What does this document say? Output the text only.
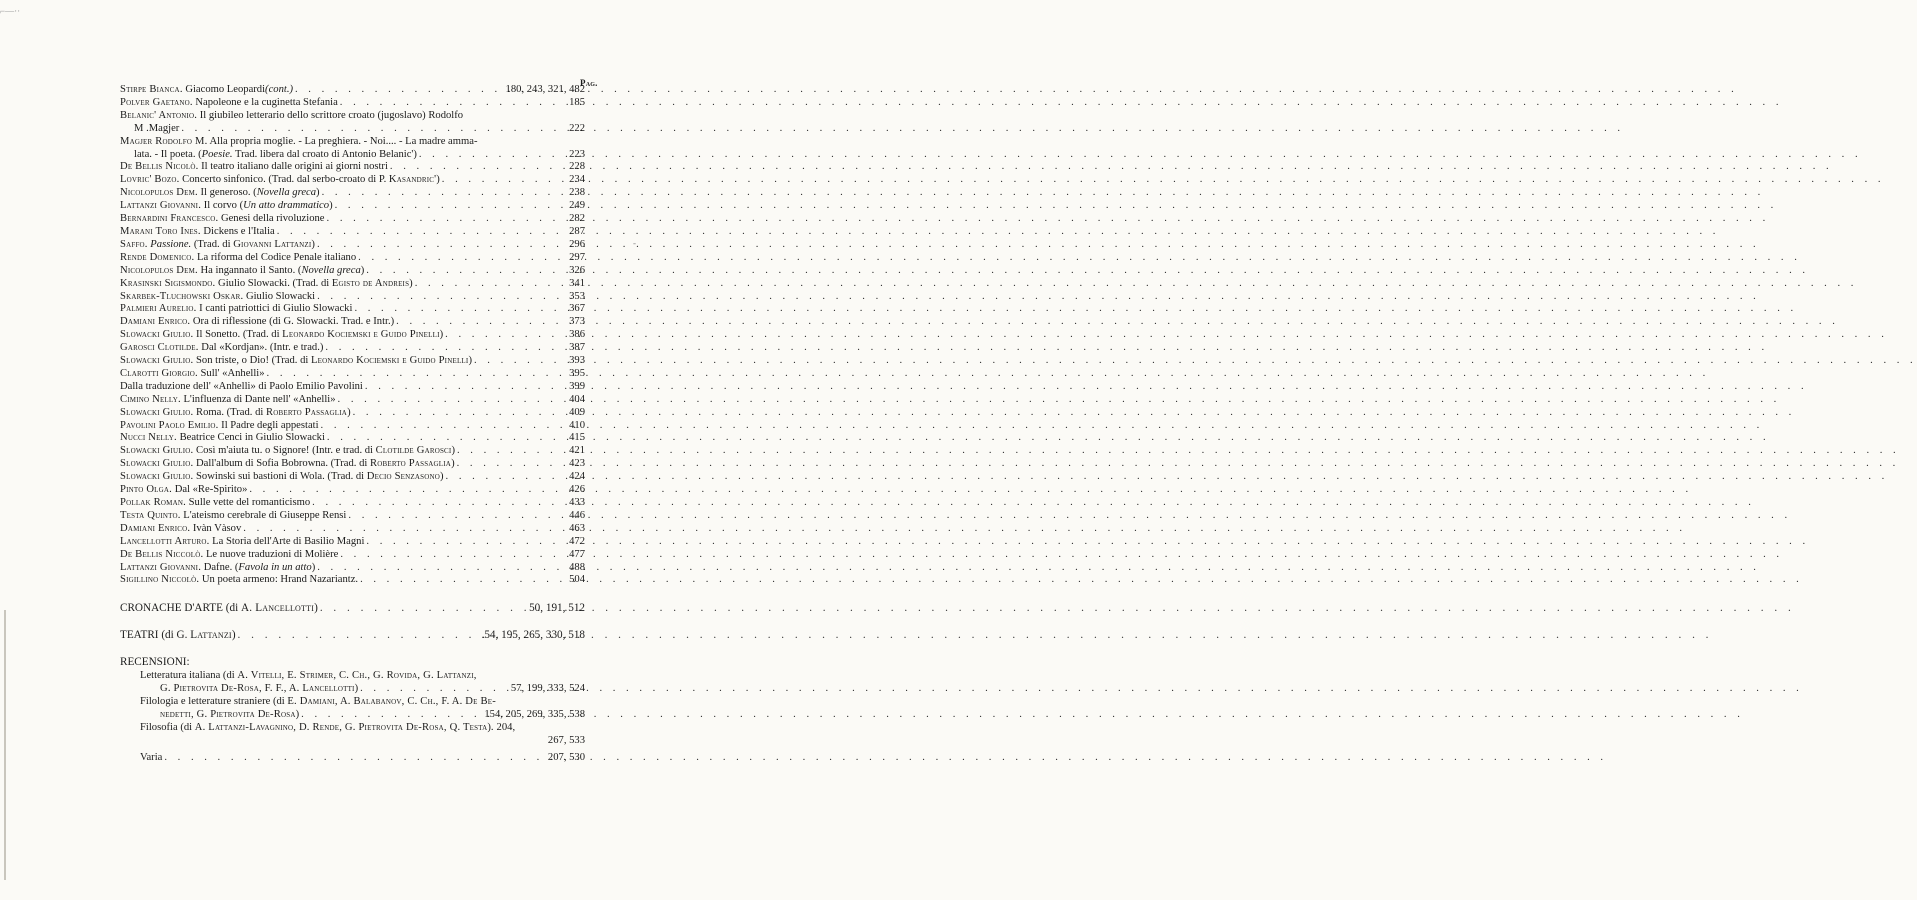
⌐—··
-
Pag.
Stirpe Bianca. Giacomo Leopardi(cont.) . . .	180, 243, 321, 482
Polver Gaetano. Napoleone e la cuginetta Stefania . . .	185
Belanic' Antonio. Il giubileo letterario dello scrittore croato (jugoslavo) Rodolfo
M .Magjer . . .	222
Magjer Rodolfo M. Alla propria moglie. - La preghiera. - Noi.... - La madre amma-
lata. - Il poeta. (Poesie. Trad. libera dal croato di Antonio Belanic') . . .	223
De Bellis Nicolò. Il teatro italiano dalle origini ai giorni nostri . . .	228
Lovric' Bozo. Concerto sinfonico. (Trad. dal serbo-croato di P. Kasandric') . . .	234
Nicolopulos Dem. Il generoso. (Novella greca) . . .	238
Lattanzi Giovanni. Il corvo (Un atto drammatico) . . .	249
Bernardini Francesco. Genesi della rivoluzione . . .	282
Marani Toro Ines. Dickens e l'Italia . . .	287
Saffo. Passione. (Trad. di Giovanni Lattanzi) . . .	296
Rende Domenico. La riforma del Codice Penale italiano . . .	297
Nicolopulos Dem. Ha ingannato il Santo. (Novella greca) . . .	326
Krasinski Sigismondo. Giulio Slowacki. (Trad. di Egisto de Andreis) . . .	341
Skarbek-Tluchowski Oskar. Giulio Slowacki . . .	353
Palmieri Aurelio. I canti patriottici di Giulio Slowacki . . .	367
Damiani Enrico. Ora di riflessione (di G. Slowacki. Trad. e Intr.) . . .	373
Slowacki Giulio. Il Sonetto. (Trad. di Leonardo Kociemski e Guido Pinelli) . . .	386
Garosci Clotilde. Dal «Kordjan». (Intr. e trad.) . . .	387
Slowacki Giulio. Son triste, o Dio! (Trad. di Leonardo Kociemski e Guido Pinelli) . . .	393
Clarotti Giorgio. Sull' «Anhelli» . . .	395
Dalla traduzione dell' «Anhelli» di Paolo Emilio Pavolini . . .	399
Cimino Nelly. L'influenza di Dante nell' «Anhelli» . . .	404
Slowacki Giulio. Roma. (Trad. di Roberto Passaglia) . . .	409
Pavolini Paolo Emilio. Il Padre degli appestati . . .	410
Nucci Nelly. Beatrice Cenci in Giulio Slowacki . . .	415
Slowacki Giulio. Così m'aiuta tu. o Signore! (Intr. e trad. di Clotilde Garosci) . . .	421
Slowacki Giulio. Dall'album di Sofia Bobrowna. (Trad. di Roberto Passaglia) . . .	423
Slowacki Giulio. Sowinski sui bastioni di Wola. (Trad. di Decio Senzasono) . . .	424
Pinto Olga. Dal «Re-Spirito» . . .	426
Pollak Roman. Sulle vette del romanticismo . . .	433
Testa Quinto. L'ateismo cerebrale di Giuseppe Rensi . . .	446
Damiani Enrico. Ivàn Vàsov . . .	463
Lancellotti Arturo. La Storia dell'Arte di Basilio Magni . . .	472
De Bellis Niccolò. Le nuove traduzioni di Molière . . .	477
Lattanzi Giovanni. Dafne. (Favola in un atto) . . .	488
Sigillino Niccolò. Un poeta armeno: Hrand Nazariantz. . . .	504
CRONACHE D'ARTE (di A. Lancellotti) . . .	50, 191, 512
TEATRI (di G. Lattanzi) . . .	.54, 195, 265, 330, 518
RECENSIONI:
Letteratura italiana (di A. Vitelli, E. Strimer, C. Ch., G. Rovida, G. Lattanzi,
G. Pietrovita De-Rosa, F. F., A. Lancellotti) . . .	57, 199, 333, 524
Filologia e letterature straniere (di E. Damiani, A. Balabanov, C. Ch., F. A. De Be-
nedetti, G. Pietrovita De-Rosa) . . .	154, 205, 269, 335, 538
Filosofia (di A. Lattanzi-Lavagnino, D. Rende, G. Pietrovita De-Rosa, Q. Testa). 204,
267, 533
Varia . . .	207, 530
